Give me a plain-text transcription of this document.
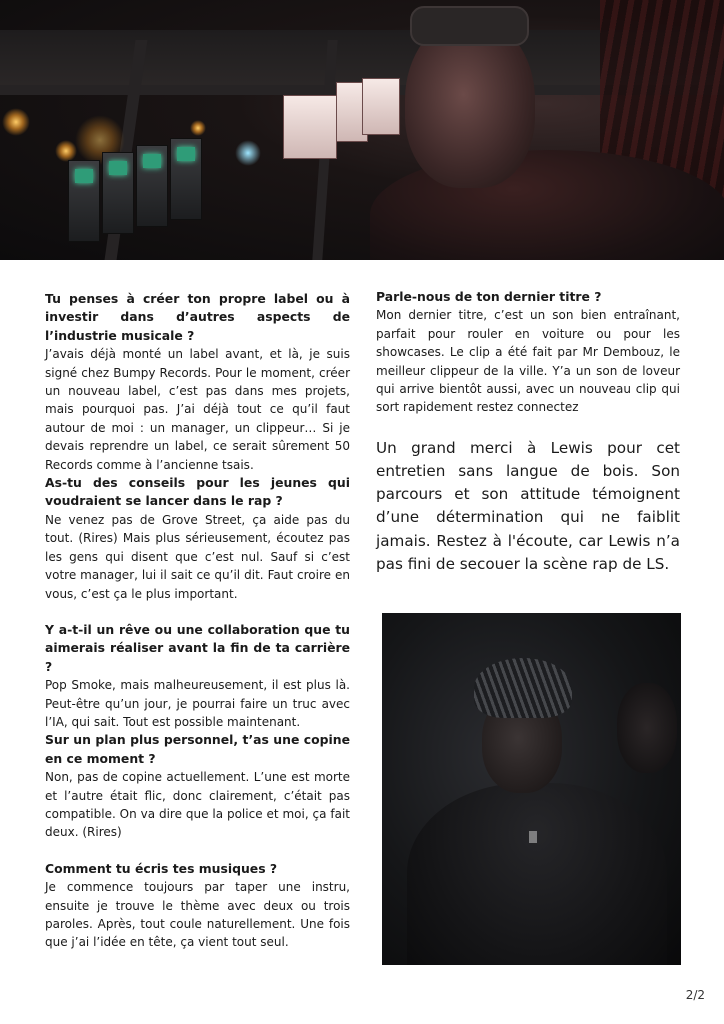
Tu penses à créer ton propre label ou à investir dans d’autres aspects de l’industrie musicale ?

J’avais déjà monté un label avant, et là, je suis signé chez Bumpy Records. Pour le moment, créer un nouveau label, c’est pas dans mes projets, mais pourquoi pas. J’ai déjà tout ce qu’il faut autour de moi : un manager, un clippeur… Si je devais reprendre un label, ce serait sûrement 50 Records comme à l’ancienne tsais.

As-tu des conseils pour les jeunes qui voudraient se lancer dans le rap ?

Ne venez pas de Grove Street, ça aide pas du tout. (Rires) Mais plus sérieusement, écoutez pas les gens qui disent que c’est nul. Sauf si c’est votre manager, lui il sait ce qu’il dit. Faut croire en vous, c’est ça le plus important.

Y a-t-il un rêve ou une collaboration que tu aimerais réaliser avant la fin de ta carrière ?

Pop Smoke, mais malheureusement, il est plus là. Peut-être qu’un jour, je pourrai faire un truc avec l’IA, qui sait. Tout est possible maintenant.

Sur un plan plus personnel, t’as une copine en ce moment ?

Non, pas de copine actuellement. L’une est morte et l’autre était flic, donc clairement, c’était pas compatible. On va dire que la police et moi, ça fait deux. (Rires)

Comment tu écris tes musiques ?

Je commence toujours par taper une instru, ensuite je trouve le thème avec deux ou trois paroles. Après, tout coule naturellement. Une fois que j’ai l’idée en tête, ça vient tout seul.

Parle-nous de ton dernier titre ?

Mon dernier titre, c’est un son bien entraînant, parfait pour rouler en voiture ou pour les showcases. Le clip a été fait par Mr Dembouz, le meilleur clippeur de la ville. Y’a un son de loveur qui arrive bientôt aussi, avec un nouveau clip qui sort rapidement restez connectez

Un grand merci à Lewis pour cet entretien sans langue de bois. Son parcours et son attitude témoignent d’une détermination qui ne faiblit jamais. Restez à l'écoute, car Lewis n’a pas fini de secouer la scène rap de LS.

2/2
